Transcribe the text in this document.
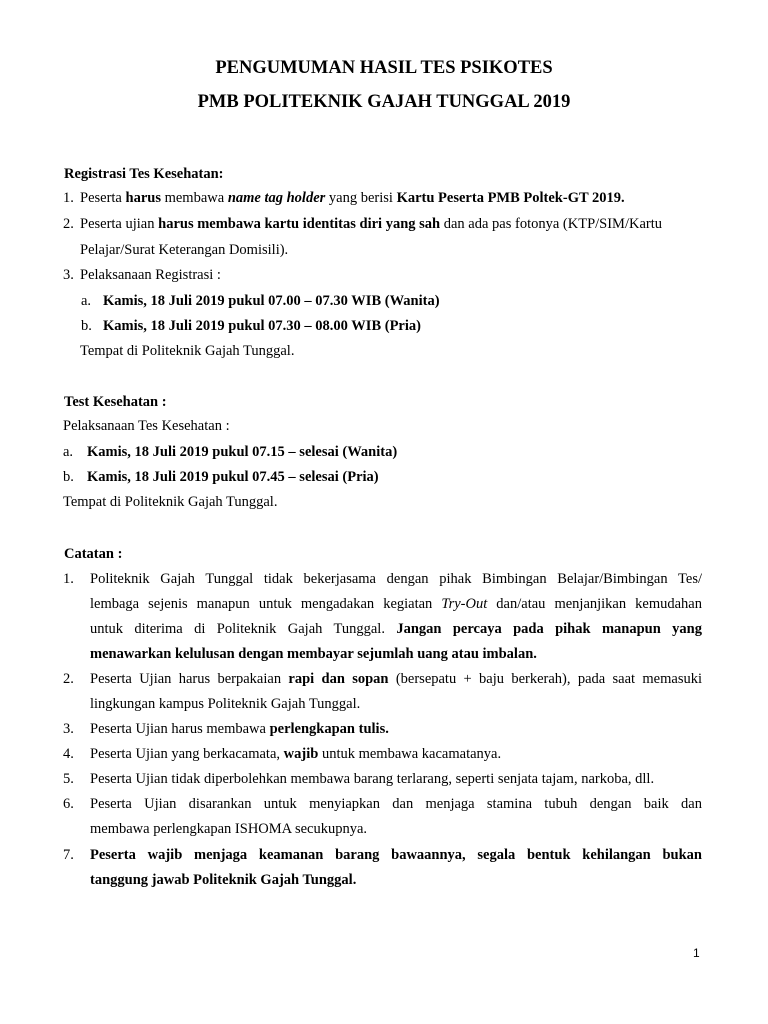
PENGUMUMAN HASIL TES PSIKOTES
PMB POLITEKNIK GAJAH TUNGGAL 2019
Registrasi Tes Kesehatan:
1. Peserta harus membawa name tag holder yang berisi Kartu Peserta PMB Poltek-GT 2019.
2. Peserta ujian harus membawa kartu identitas diri yang sah dan ada pas fotonya (KTP/SIM/Kartu
Pelajar/Surat Keterangan Domisili).
3. Pelaksanaan Registrasi :
a. Kamis, 18 Juli 2019 pukul 07.00 – 07.30 WIB (Wanita)
b. Kamis, 18 Juli 2019 pukul 07.30 – 08.00 WIB (Pria)
Tempat di Politeknik Gajah Tunggal.
Test Kesehatan :
Pelaksanaan Tes Kesehatan :
a. Kamis, 18 Juli 2019 pukul 07.15 – selesai (Wanita)
b. Kamis, 18 Juli 2019 pukul 07.45 – selesai (Pria)
Tempat di Politeknik Gajah Tunggal.
Catatan :
1. Politeknik Gajah Tunggal tidak bekerjasama dengan pihak Bimbingan Belajar/Bimbingan Tes/
lembaga sejenis manapun untuk mengadakan kegiatan Try-Out dan/atau menjanjikan kemudahan
untuk diterima di Politeknik Gajah Tunggal. Jangan percaya pada pihak manapun yang
menawarkan kelulusan dengan membayar sejumlah uang atau imbalan.
2. Peserta Ujian harus berpakaian rapi dan sopan (bersepatu + baju berkerah), pada saat memasuki
lingkungan kampus Politeknik Gajah Tunggal.
3. Peserta Ujian harus membawa perlengkapan tulis.
4. Peserta Ujian yang berkacamata, wajib untuk membawa kacamatanya.
5. Peserta Ujian tidak diperbolehkan membawa barang terlarang, seperti senjata tajam, narkoba, dll.
6. Peserta Ujian disarankan untuk menyiapkan dan menjaga stamina tubuh dengan baik dan
membawa perlengkapan ISHOMA secukupnya.
7. Peserta wajib menjaga keamanan barang bawaannya, segala bentuk kehilangan bukan
tanggung jawab Politeknik Gajah Tunggal.
1
